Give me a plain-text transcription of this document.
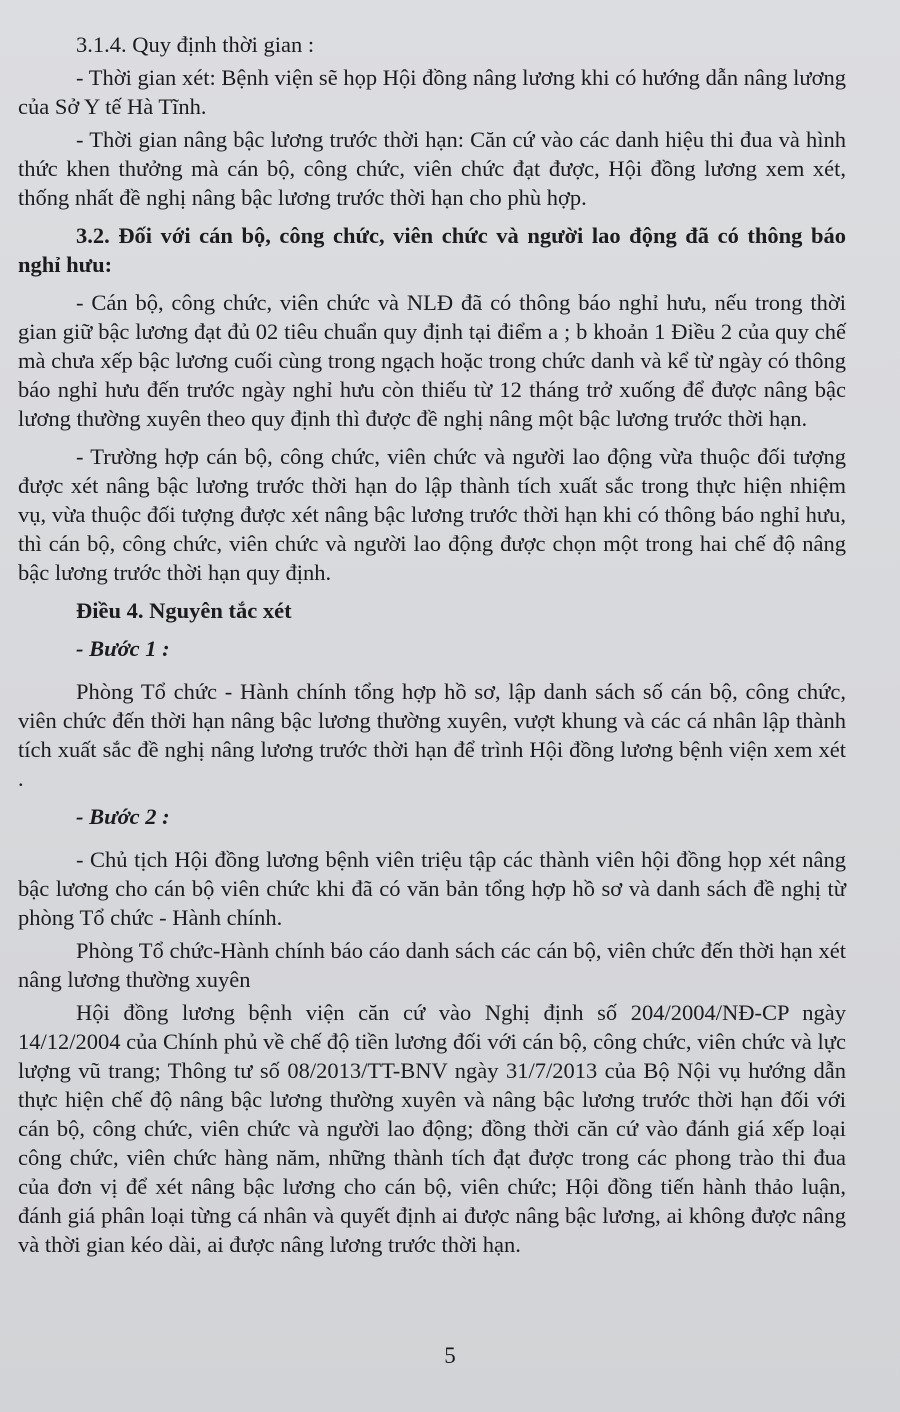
3.1.4. Quy định thời gian :

- Thời gian xét: Bệnh viện sẽ họp Hội đồng nâng lương khi có hướng dẫn nâng lương của Sở Y tế Hà Tĩnh.

- Thời gian nâng bậc lương trước thời hạn: Căn cứ vào các danh hiệu thi đua và hình thức khen thưởng mà cán bộ, công chức, viên chức đạt được, Hội đồng lương xem xét, thống nhất đề nghị nâng bậc lương trước thời hạn cho phù hợp.

3.2. Đối với cán bộ, công chức, viên chức và người lao động đã có thông báo nghỉ hưu:

- Cán bộ, công chức, viên chức và NLĐ đã có thông báo nghỉ hưu, nếu trong thời gian giữ bậc lương đạt đủ 02 tiêu chuẩn quy định tại điểm a ; b khoản 1 Điều 2 của quy chế mà chưa xếp bậc lương cuối cùng trong ngạch hoặc trong chức danh và kể từ ngày có thông báo nghỉ hưu đến trước ngày nghỉ hưu còn thiếu từ 12 tháng trở xuống để được nâng bậc lương thường xuyên theo quy định thì được đề nghị nâng một bậc lương trước thời hạn.

- Trường hợp cán bộ, công chức, viên chức và người lao động vừa thuộc đối tượng được xét nâng bậc lương trước thời hạn do lập thành tích xuất sắc trong thực hiện nhiệm vụ, vừa thuộc đối tượng được xét nâng bậc lương trước thời hạn khi có thông báo nghỉ hưu, thì cán bộ, công chức, viên chức và người lao động được chọn một trong hai chế độ nâng bậc lương trước thời hạn quy định.

Điều 4. Nguyên tắc xét

- Bước 1 :

Phòng Tổ chức - Hành chính tổng hợp hồ sơ, lập danh sách số cán bộ, công chức, viên chức đến thời hạn nâng bậc lương thường xuyên, vượt khung và các cá nhân lập thành tích xuất sắc đề nghị nâng lương trước thời hạn để trình Hội đồng lương bệnh viện xem xét .

- Bước 2 :

- Chủ tịch Hội đồng lương bệnh viên triệu tập các thành viên hội đồng họp xét nâng bậc lương cho cán bộ viên chức khi đã có văn bản tổng hợp hồ sơ và danh sách đề nghị từ phòng Tổ chức - Hành chính.

Phòng Tổ chức-Hành chính báo cáo danh sách các cán bộ, viên chức đến thời hạn xét nâng lương thường xuyên

Hội đồng lương bệnh viện căn cứ vào Nghị định số 204/2004/NĐ-CP ngày 14/12/2004 của Chính phủ về chế độ tiền lương đối với cán bộ, công chức, viên chức và lực lượng vũ trang; Thông tư số 08/2013/TT-BNV ngày 31/7/2013 của Bộ Nội vụ hướng dẫn thực hiện chế độ nâng bậc lương thường xuyên và nâng bậc lương trước thời hạn đối với cán bộ, công chức, viên chức và người lao động; đồng thời căn cứ vào đánh giá xếp loại công chức, viên chức hàng năm, những thành tích đạt được trong các phong trào thi đua của đơn vị để xét nâng bậc lương cho cán bộ, viên chức; Hội đồng tiến hành thảo luận, đánh giá phân loại từng cá nhân và quyết định ai được nâng bậc lương, ai không được nâng và thời gian kéo dài, ai được nâng lương trước thời hạn.

5
